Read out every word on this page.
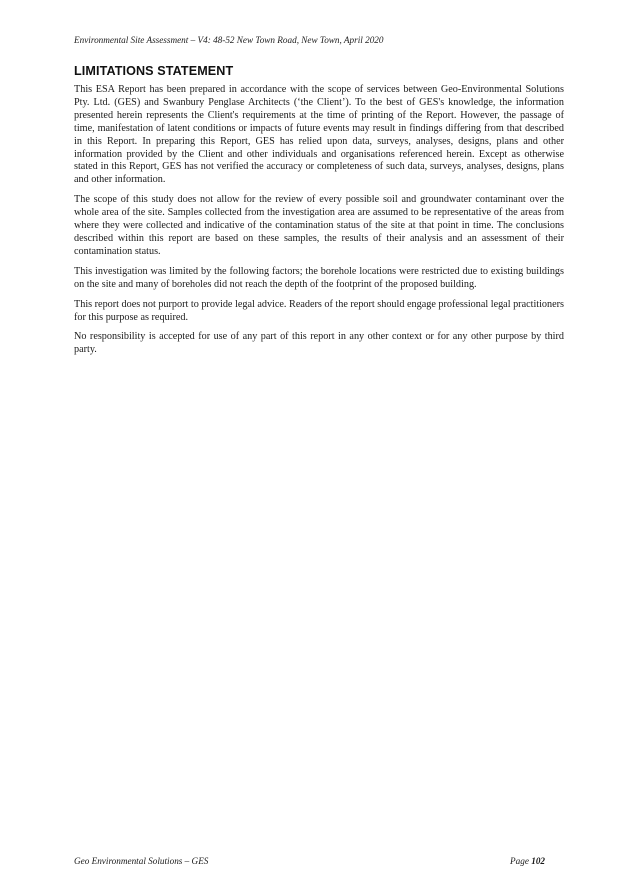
Environmental Site Assessment – V4: 48-52 New Town Road, New Town, April 2020
LIMITATIONS STATEMENT

This ESA Report has been prepared in accordance with the scope of services between Geo-Environmental Solutions Pty. Ltd. (GES) and Swanbury Penglase Architects (‘the Client’). To the best of GES's knowledge, the information presented herein represents the Client's requirements at the time of printing of the Report. However, the passage of time, manifestation of latent conditions or impacts of future events may result in findings differing from that described in this Report. In preparing this Report, GES has relied upon data, surveys, analyses, designs, plans and other information provided by the Client and other individuals and organisations referenced herein. Except as otherwise stated in this Report, GES has not verified the accuracy or completeness of such data, surveys, analyses, designs, plans and other information.

The scope of this study does not allow for the review of every possible soil and groundwater contaminant over the whole area of the site. Samples collected from the investigation area are assumed to be representative of the areas from where they were collected and indicative of the contamination status of the site at that point in time. The conclusions described within this report are based on these samples, the results of their analysis and an assessment of their contamination status.

This investigation was limited by the following factors; the borehole locations were restricted due to existing buildings on the site and many of boreholes did not reach the depth of the footprint of the proposed building.

This report does not purport to provide legal advice. Readers of the report should engage professional legal practitioners for this purpose as required.

No responsibility is accepted for use of any part of this report in any other context or for any other purpose by third party.

Geo Environmental Solutions – GES	Page 102
